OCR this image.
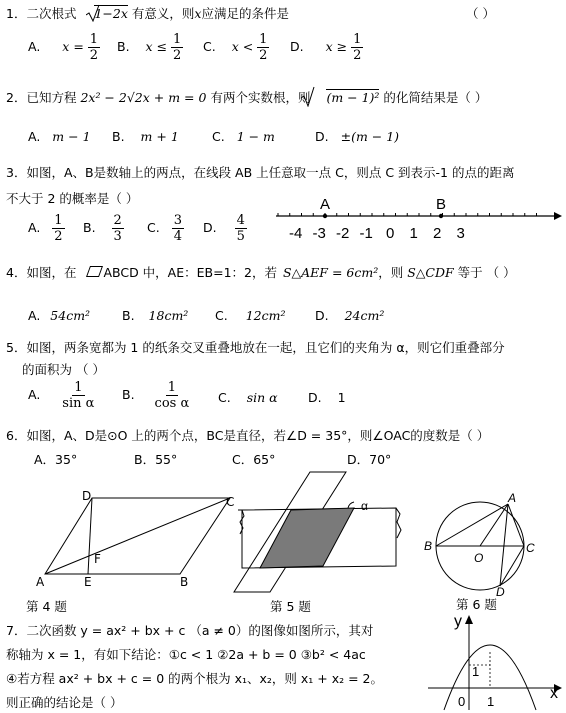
1．二次根式 1−2x 有意义，则x应满足的条件是	（ ）
A. $x = \frac{1}{2} B$. $x \le \frac{1}{2} C$. $x < \frac{1}{2} D$. $x \ge \frac{1}{2}$
2．已知方程 2x² − 2√2x + m = 0 有两个实数根，则 (m − 1)² 的化简结果是（ ）
A. m − 1 B. m + 1	C. 1 − m	D. ±(m − 1)
3．如图，A、B是数轴上的两点，在线段 AB 上任意取一点 C，则点 C 到表示-1 的点的距离
不大于 2 的概率是（ ）
A. $\frac{1}{2} B$. $\frac{2}{3} C$. $\frac{3}{4} D$. $\frac{4}{5}$	-4 -3 -2 -1 0 1 2 3
A	B
4．如图，在 ABCD 中，AE：EB=1：2，若 S△AEF = 6cm²，则 S△CDF 等于 （ ）
A. 54cm²	B. 18cm² C. 12cm² D. 24cm²
5．如图，两条宽都为 1 的纸条交叉重叠地放在一起，且它们的夹角为 α，则它们重叠部分
的面积为 （ ）
A. $\frac{1}{\text{sin α}} B$. $\frac{1}{\text{cos α}} C$. sin α D. 1
6．如图，A、D是⊙O 上的两个点，BC是直径，若∠D = 35°，则∠OAC的度数是（ ）
A．35°	B．55°	C．65°	D．70°
A	E	B
D	C
F
第 4 题
α
第 5 题
A
B	C
D
O
第 6 题
7．二次函数 y = ax² + bx + c （a ≠ 0）的图像如图所示，其对
称轴为 x = 1，有如下结论：①c < 1 ②2a + b = 0 ③b² < 4ac
④若方程 ax² + bx + c = 0 的两个根为 x₁、x₂，则 x₁ + x₂ = 2。
则正确的结论是（ ）
y
x
0 1
1
